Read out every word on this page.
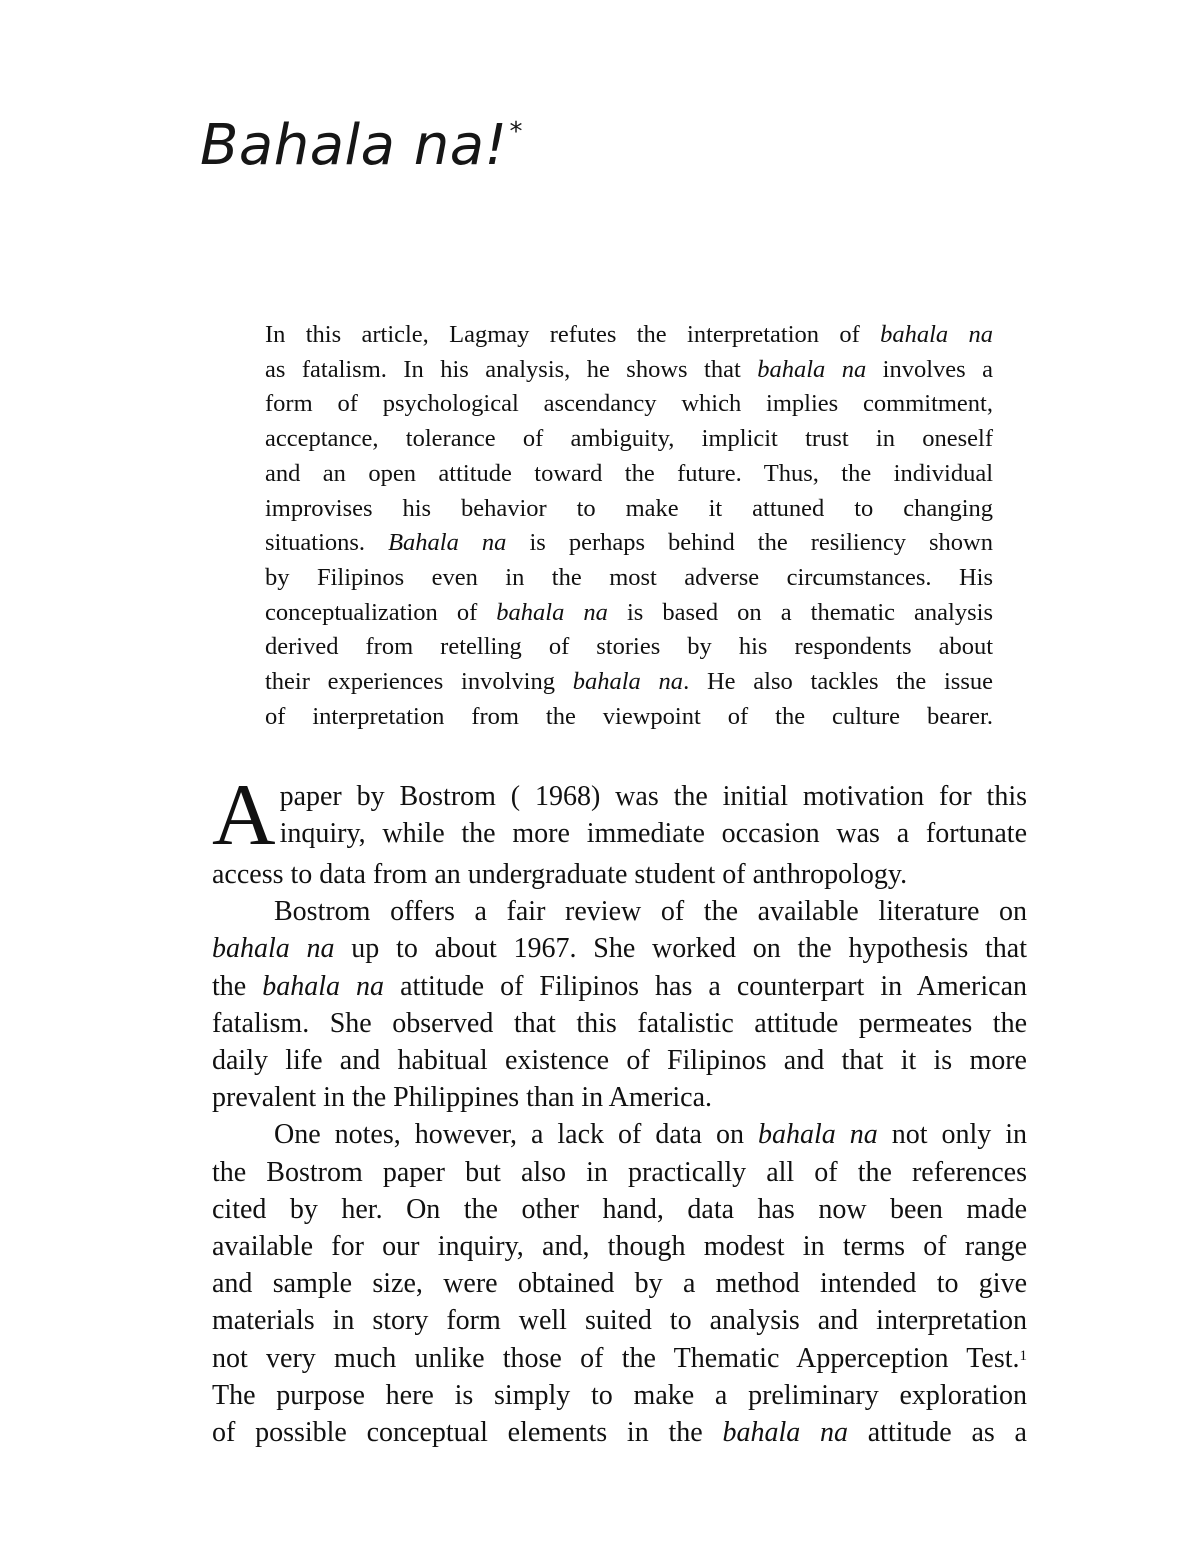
Bahala na!*
In this article, Lagmay refutes the interpretation of bahala na
as fatalism. In his analysis, he shows that bahala na involves a
form of psychological ascendancy which implies commitment,
acceptance, tolerance of ambiguity, implicit trust in oneself
and an open attitude toward the future. Thus, the individual
improvises his behavior to make it attuned to changing
situations. Bahala na is perhaps behind the resiliency shown
by Filipinos even in the most adverse circumstances. His
conceptualization of bahala na is based on a thematic analysis
derived from retelling of stories by his respondents about
their experiences involving bahala na. He also tackles the issue
of interpretation from the viewpoint of the culture bearer.
A paper by Bostrom ( 1968) was the initial motivation for this
inquiry, while the more immediate occasion was a fortunate
access to data from an undergraduate student of anthropology.
Bostrom offers a fair review of the available literature on
bahala na up to about 1967. She worked on the hypothesis that
the bahala na attitude of Filipinos has a counterpart in American
fatalism. She observed that this fatalistic attitude permeates the
daily life and habitual existence of Filipinos and that it is more
prevalent in the Philippines than in America.
One notes, however, a lack of data on bahala na not only in
the Bostrom paper but also in practically all of the references
cited by her. On the other hand, data has now been made
available for our inquiry, and, though modest in terms of range
and sample size, were obtained by a method intended to give
materials in story form well suited to analysis and interpretation
not very much unlike those of the Thematic Apperception Test.$^1$
The purpose here is simply to make a preliminary exploration
of possible conceptual elements in the bahala na attitude as a
